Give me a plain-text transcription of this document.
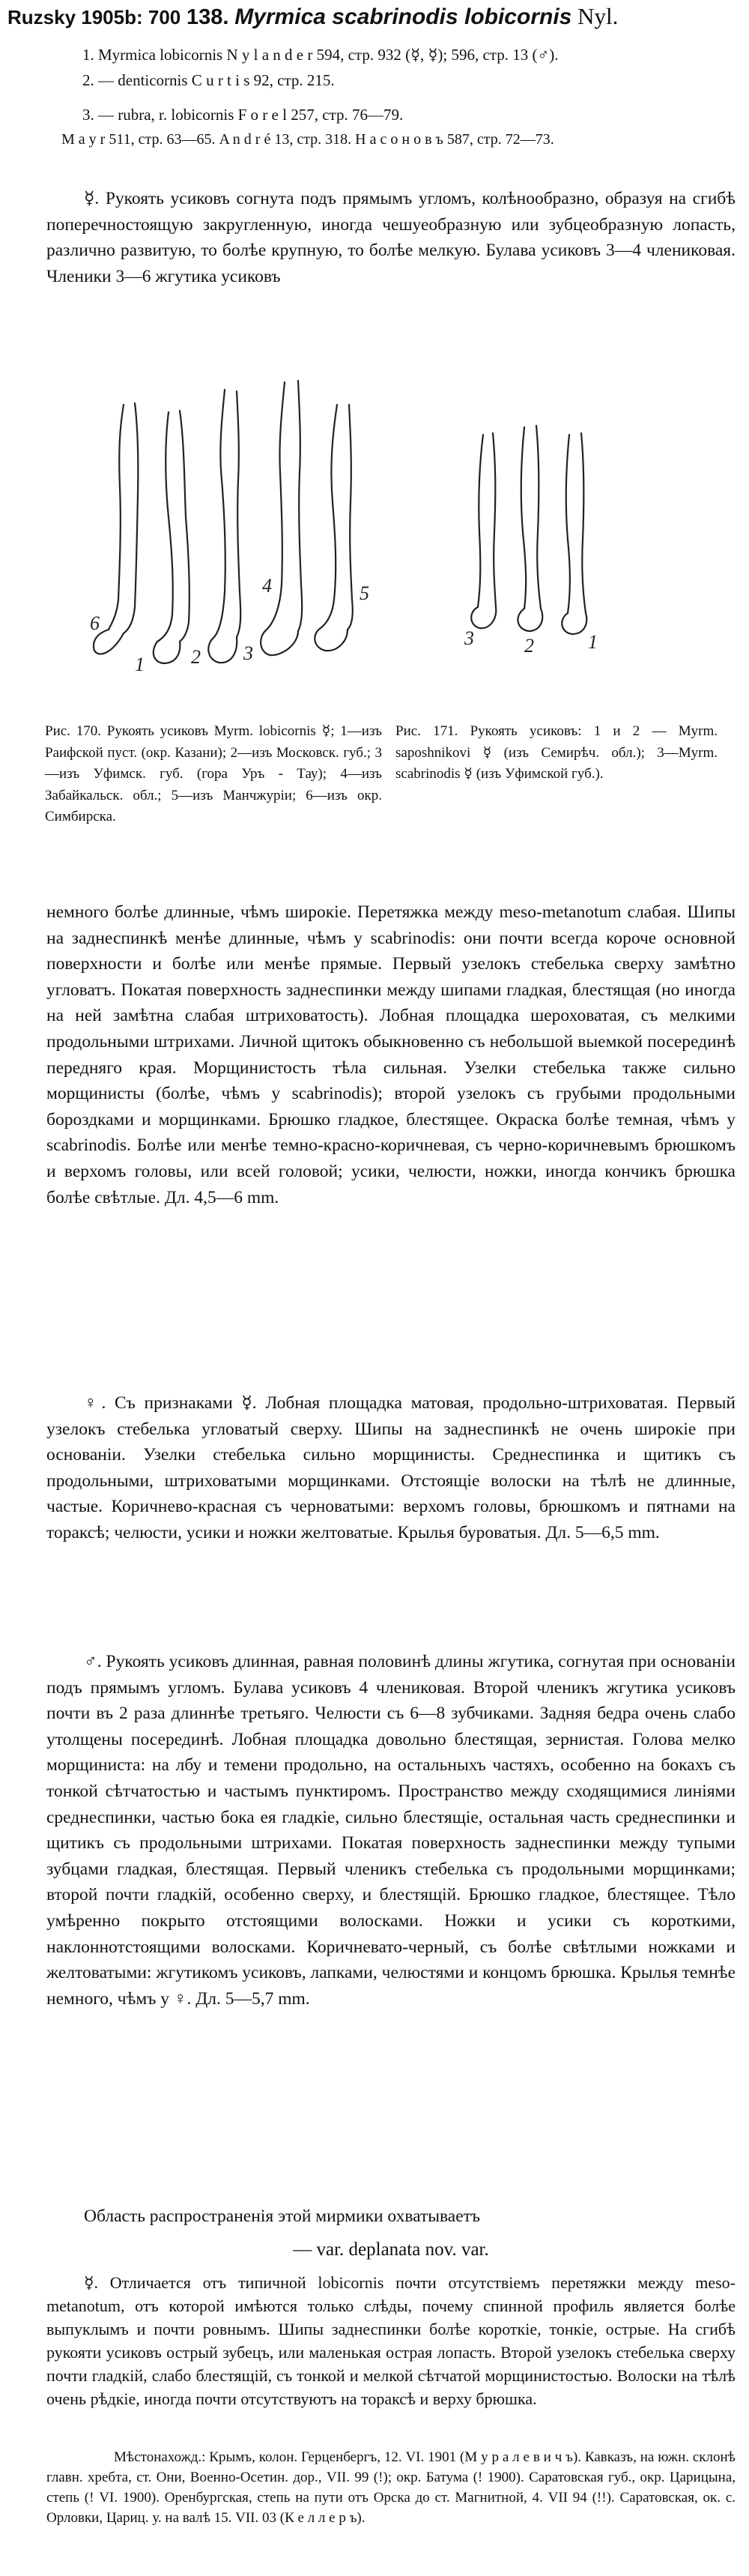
Ruzsky 1905b: 700 138. Myrmica scabrinodis lobicornis Nyl.
1. Myrmica lobicornis N y l a n d e r 594, стр. 932 (☿, ☿); 596, стр. 13 (♂).
2. — denticornis C u r t i s 92, стр. 215.
3. — rubra, r. lobicornis F o r e l 257, стр. 76—79.
M a y r 511, стр. 63—65. A n d r é 13, стр. 318. Н а с о н о в ъ 587, стр. 72—73.

☿. Рукоять усиковъ согнута подъ прямымъ угломъ, колѣнообразно, образуя на сгибѣ поперечностоящую закругленную, иногда чешуеобразную или зубцеобразную лопасть, различно развитую, то болѣе крупную, то болѣе мелкую. Булава усиковъ 3—4 члениковая. Членики 3—6 жгутика усиковъ

6
1 2 3
4	5
3	2	1

Рис. 170. Рукоять усиковъ Myrm. lobicornis ☿; 1—изъ Раифской пуст. (окр. Казани); 2—изъ Московск. губ.; 3—изъ Уфимск. губ. (гора Уръ - Тау); 4—изъ Забайкальск. обл.; 5—изъ Манчжуріи; 6—изъ окр. Симбирска.

Рис. 171. Рукоять усиковъ: 1 и 2 — Myrm. saposhnikovi ☿ (изъ Семирѣч. обл.); 3—Myrm. scabrinodis ☿ (изъ Уфимской губ.).

немного болѣе длинные, чѣмъ широкіе. Перетяжка между meso-metanotum слабая. Шипы на заднеспинкѣ менѣе длинные, чѣмъ у scabrinodis: они почти всегда короче основной поверхности и болѣе или менѣе прямые. Первый узелокъ стебелька сверху замѣтно угловатъ. Покатая поверхность заднеспинки между шипами гладкая, блестящая (но иногда на ней замѣтна слабая штриховатость). Лобная площадка шероховатая, съ мелкими продольными штрихами. Личной щитокъ обыкновенно съ небольшой выемкой посерединѣ передняго края. Морщинистость тѣла сильная. Узелки стебелька также сильно морщинисты (болѣе, чѣмъ у scabrinodis); второй узелокъ съ грубыми продольными бороздками и морщинками. Брюшко гладкое, блестящее. Окраска болѣе темная, чѣмъ у scabrinodis. Болѣе или менѣе темно-красно-коричневая, съ черно-коричневымъ брюшкомъ и верхомъ головы, или всей головой; усики, челюсти, ножки, иногда кончикъ брюшка болѣе свѣтлые. Дл. 4,5—6 mm.

♀. Съ признаками ☿. Лобная площадка матовая, продольно-штриховатая. Первый узелокъ стебелька угловатый сверху. Шипы на заднеспинкѣ не очень широкіе при основаніи. Узелки стебелька сильно морщинисты. Среднеспинка и щитикъ съ продольными, штриховатыми морщинками. Отстоящіе волоски на тѣлѣ не длинные, частые. Коричнево-красная съ черноватыми: верхомъ головы, брюшкомъ и пятнами на тораксѣ; челюсти, усики и ножки желтоватые. Крылья буроватыя. Дл. 5—6,5 mm.

♂. Рукоять усиковъ длинная, равная половинѣ длины жгутика, согнутая при основаніи подъ прямымъ угломъ. Булава усиковъ 4 члениковая. Второй членикъ жгутика усиковъ почти въ 2 раза длиннѣе третьяго. Челюсти съ 6—8 зубчиками. Задняя бедра очень слабо утолщены посерединѣ. Лобная площадка довольно блестящая, зернистая. Голова мелко морщиниста: на лбу и темени продольно, на остальныхъ частяхъ, особенно на бокахъ съ тонкой сѣтчатостью и частымъ пунктиромъ. Пространство между сходящимися линіями среднеспинки, частью бока ея гладкіе, сильно блестящіе, остальная часть среднеспинки и щитикъ съ продольными штрихами. Покатая поверхность заднеспинки между тупыми зубцами гладкая, блестящая. Первый членикъ стебелька съ продольными морщинками; второй почти гладкій, особенно сверху, и блестящій. Брюшко гладкое, блестящее. Тѣло умѣренно покрыто отстоящими волосками. Ножки и усики съ короткими, наклоннотстоящими волосками. Коричневато-черный, съ болѣе свѣтлыми ножками и желтоватыми: жгутикомъ усиковъ, лапками, челюстями и концомъ брюшка. Крылья темнѣе немного, чѣмъ у ♀. Дл. 5—5,7 mm.

Область распространенія этой мирмики охватываетъ

— var. deplanata nov. var.

☿. Отличается отъ типичной lobicornis почти отсутствіемъ перетяжки между meso-metanotum, отъ которой имѣются только слѣды, почему спинной профиль является болѣе выпуклымъ и почти ровнымъ. Шипы заднеспинки болѣе короткіе, тонкіе, острые. На сгибѣ рукояти усиковъ острый зубецъ, или маленькая острая лопасть. Второй узелокъ стебелька сверху почти гладкій, слабо блестящій, съ тонкой и мелкой сѣтчатой морщинистостью. Волоски на тѣлѣ очень рѣдкіе, иногда почти отсутствуютъ на тораксѣ и верху брюшка.

Мѣстонахожд.: Крымъ, колон. Герценбергъ, 12. VI. 1901 (М у р а л е в и ч ъ). Кавказъ, на южн. склонѣ главн. хребта, ст. Они, Военно-Осетин. дор., VII. 99 (!); окр. Батума (! 1900). Саратовская губ., окр. Царицына, степь (! VI. 1900). Оренбургская, степь на пути отъ Орска до ст. Магнитной, 4. VII 94 (!!). Саратовская, ок. с. Орловки, Цариц. у. на валѣ 15. VII. 03 (К е л л е р ъ).
